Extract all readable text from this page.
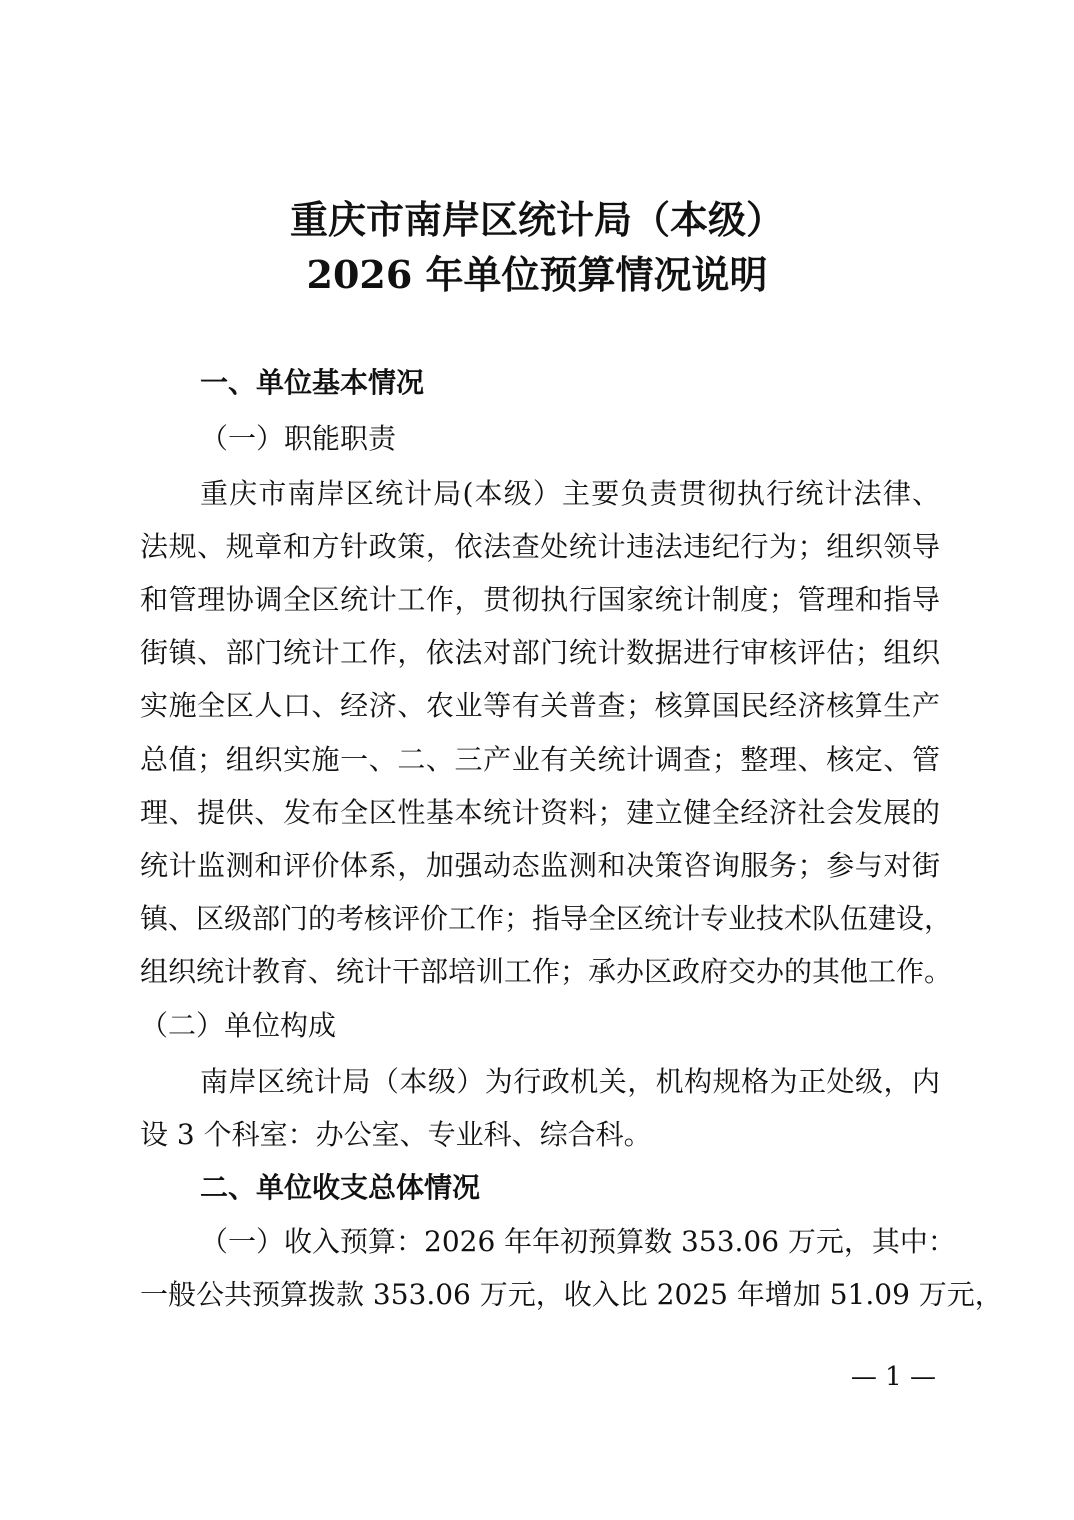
重庆市南岸区统计局（本级）
2026 年单位预算情况说明

一、单位基本情况

（一）职能职责

重庆市南岸区统计局(本级）主要负责贯彻执行统计法律、

法规、规章和方针政策，依法查处统计违法违纪行为；组织领导

和管理协调全区统计工作，贯彻执行国家统计制度；管理和指导

街镇、部门统计工作，依法对部门统计数据进行审核评估；组织

实施全区人口、经济、农业等有关普查；核算国民经济核算生产

总值；组织实施一、二、三产业有关统计调查；整理、核定、管

理、提供、发布全区性基本统计资料；建立健全经济社会发展的

统计监测和评价体系，加强动态监测和决策咨询服务；参与对街

镇、区级部门的考核评价工作；指导全区统计专业技术队伍建设，

组织统计教育、统计干部培训工作；承办区政府交办的其他工作。

（二）单位构成

南岸区统计局（本级）为行政机关，机构规格为正处级，内

设 3 个科室：办公室、专业科、综合科。

二、单位收支总体情况

（一）收入预算：2026 年年初预算数 353.06 万元，其中：

一般公共预算拨款 353.06 万元，收入比 2025 年增加 51.09 万元，

— 1 —
